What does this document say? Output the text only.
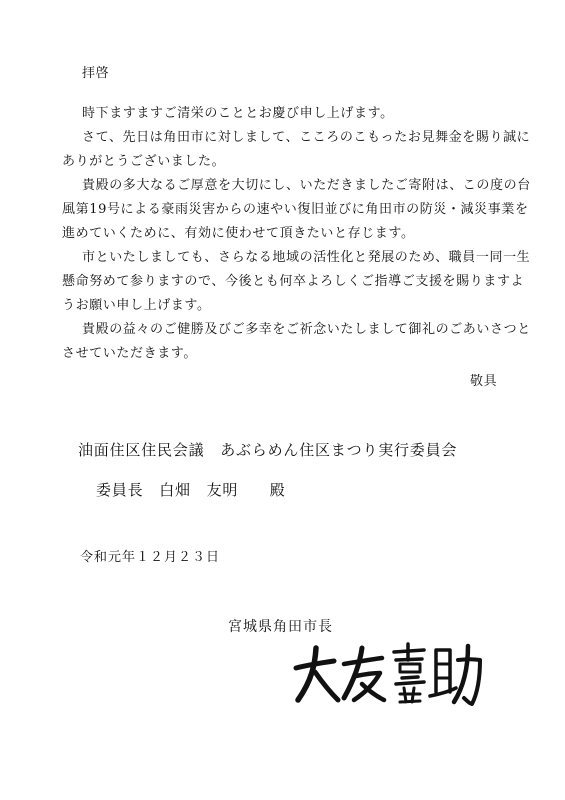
拝啓
時下ますますご清栄のこととお慶び申し上げます。
さて、先日は角田市に対しまして、こころのこもったお見舞金を賜り誠に
ありがとうございました。
貴殿の多大なるご厚意を大切にし、いただきましたご寄附は、この度の台
風第19号による豪雨災害からの速やい復旧並びに角田市の防災・減災事業を
進めていくために、有効に使わせて頂きたいと存じます。
市といたしましても、さらなる地域の活性化と発展のため、職員一同一生
懸命努めて参りますので、今後とも何卒よろしくご指導ご支援を賜りますよ
うお願い申し上げます。
貴殿の益々のご健勝及びご多幸をご祈念いたしまして御礼のごあいさつと
させていただきます。
敬具
油面住区住民会議　あぶらめん住区まつり実行委員会
委員長　白畑　友明　　殿
令和元年１２月２３日
宮城県角田市長
